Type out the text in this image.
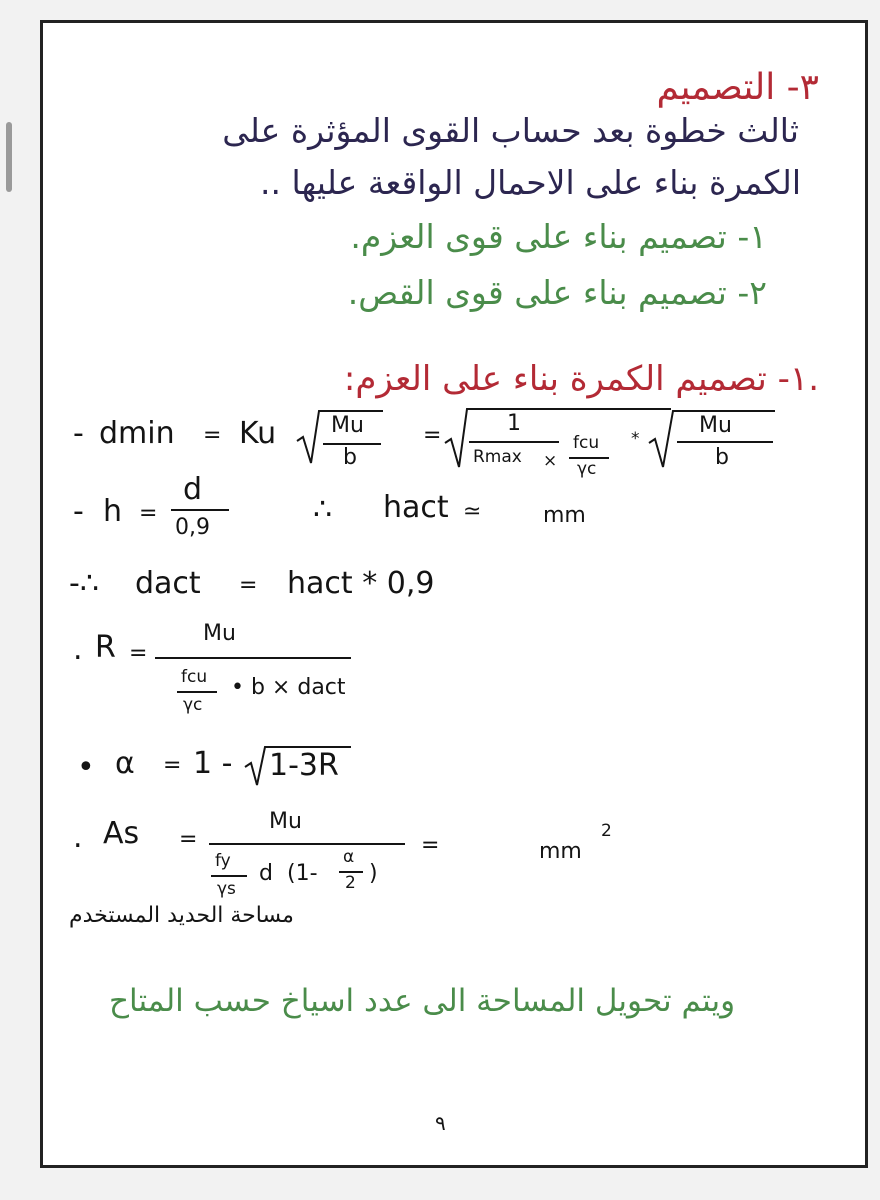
٣- التصميم
ثالث خطوة بعد حساب القوى المؤثرة على
الكمرة بناء على الاحمال الواقعة عليها ..
١- تصميم بناء على قوى العزم.
٢- تصميم بناء على قوى القص.
.١- تصميم الكمرة بناء على العزم:
- dmin = Ku Mu
b
=	1
Rmax ×
fcu
γc
*
Mu
b
- h =
d
0,9
∴ hact ≃	mm
-∴ dact = hact * 0,9
. R =
Mu
fcu
γc
• b × dact
• α = 1 - 1-3R
. As =
Mu
fy
γs
d (1-
α
2 )
=	mm
2
مساحة الحديد المستخدم
ويتم تحويل المساحة الى عدد اسياخ حسب المتاح
٩
